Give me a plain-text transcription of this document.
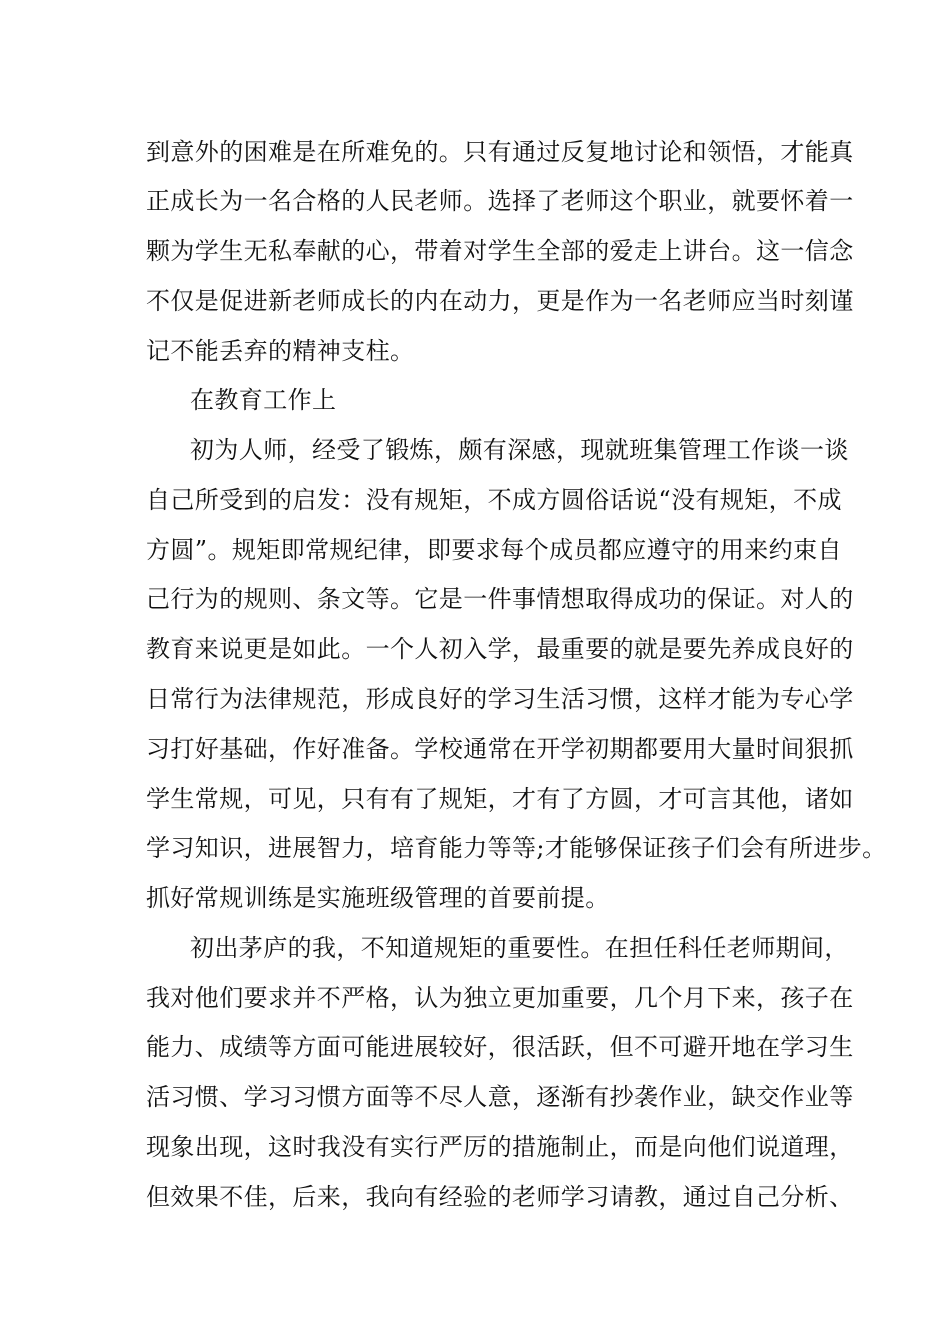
到意外的困难是在所难免的。只有通过反复地讨论和领悟，才能真
正成长为一名合格的人民老师。选择了老师这个职业，就要怀着一
颗为学生无私奉献的心，带着对学生全部的爱走上讲台。这一信念
不仅是促进新老师成长的内在动力，更是作为一名老师应当时刻谨
记不能丢弃的精神支柱。
在教育工作上
初为人师，经受了锻炼，颇有深感，现就班集管理工作谈一谈
自己所受到的启发：没有规矩，不成方圆俗话说“没有规矩，不成
方圆”。规矩即常规纪律，即要求每个成员都应遵守的用来约束自
己行为的规则、条文等。它是一件事情想取得成功的保证。对人的
教育来说更是如此。一个人初入学，最重要的就是要先养成良好的
日常行为法律规范，形成良好的学习生活习惯，这样才能为专心学
习打好基础，作好准备。学校通常在开学初期都要用大量时间狠抓
学生常规，可见，只有有了规矩，才有了方圆，才可言其他，诸如
学习知识，进展智力，培育能力等等;才能够保证孩子们会有所进步。
抓好常规训练是实施班级管理的首要前提。
初出茅庐的我，不知道规矩的重要性。在担任科任老师期间，
我对他们要求并不严格，认为独立更加重要，几个月下来，孩子在
能力、成绩等方面可能进展较好，很活跃，但不可避开地在学习生
活习惯、学习习惯方面等不尽人意，逐渐有抄袭作业，缺交作业等
现象出现，这时我没有实行严厉的措施制止，而是向他们说道理，
但效果不佳，后来，我向有经验的老师学习请教，通过自己分析、
